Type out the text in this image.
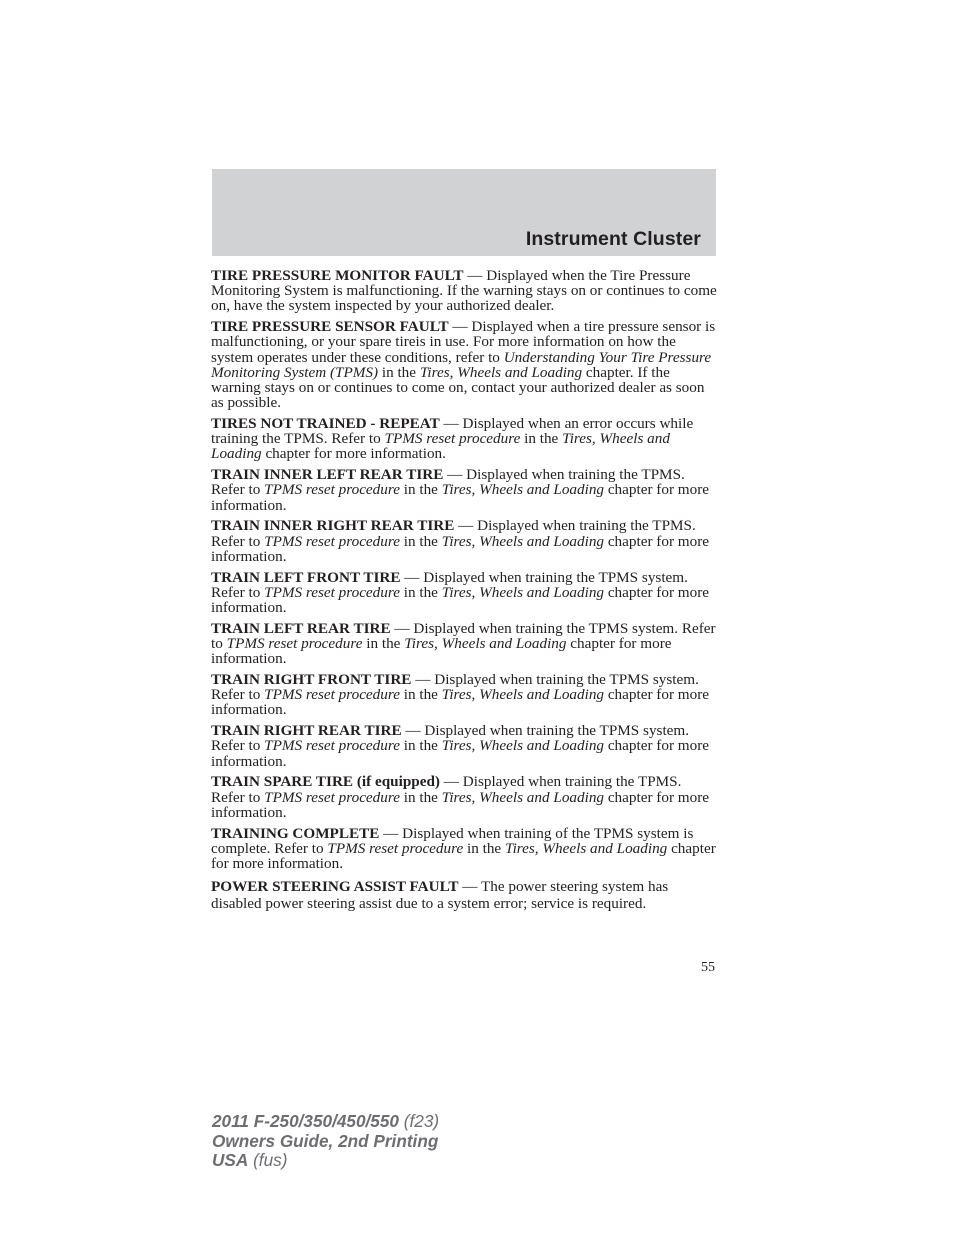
Instrument Cluster

TIRE PRESSURE MONITOR FAULT — Displayed when the Tire Pressure Monitoring System is malfunctioning. If the warning stays on or continues to come on, have the system inspected by your authorized dealer.

TIRE PRESSURE SENSOR FAULT — Displayed when a tire pressure sensor is malfunctioning, or your spare tireis in use. For more information on how the system operates under these conditions, refer to Understanding Your Tire Pressure Monitoring System (TPMS) in the Tires, Wheels and Loading chapter. If the warning stays on or continues to come on, contact your authorized dealer as soon as possible.

TIRES NOT TRAINED - REPEAT — Displayed when an error occurs while training the TPMS. Refer to TPMS reset procedure in the Tires, Wheels and Loading chapter for more information.

TRAIN INNER LEFT REAR TIRE — Displayed when training the TPMS. Refer to TPMS reset procedure in the Tires, Wheels and Loading chapter for more information.

TRAIN INNER RIGHT REAR TIRE — Displayed when training the TPMS. Refer to TPMS reset procedure in the Tires, Wheels and Loading chapter for more information.

TRAIN LEFT FRONT TIRE — Displayed when training the TPMS system. Refer to TPMS reset procedure in the Tires, Wheels and Loading chapter for more information.

TRAIN LEFT REAR TIRE — Displayed when training the TPMS system. Refer to TPMS reset procedure in the Tires, Wheels and Loading chapter for more information.

TRAIN RIGHT FRONT TIRE — Displayed when training the TPMS system. Refer to TPMS reset procedure in the Tires, Wheels and Loading chapter for more information.

TRAIN RIGHT REAR TIRE — Displayed when training the TPMS system. Refer to TPMS reset procedure in the Tires, Wheels and Loading chapter for more information.

TRAIN SPARE TIRE (if equipped) — Displayed when training the TPMS. Refer to TPMS reset procedure in the Tires, Wheels and Loading chapter for more information.

TRAINING COMPLETE — Displayed when training of the TPMS system is complete. Refer to TPMS reset procedure in the Tires, Wheels and Loading chapter for more information.

POWER STEERING ASSIST FAULT — The power steering system has disabled power steering assist due to a system error; service is required.

55
2011 F-250/350/450/550 (f23)
Owners Guide, 2nd Printing
USA (fus)
